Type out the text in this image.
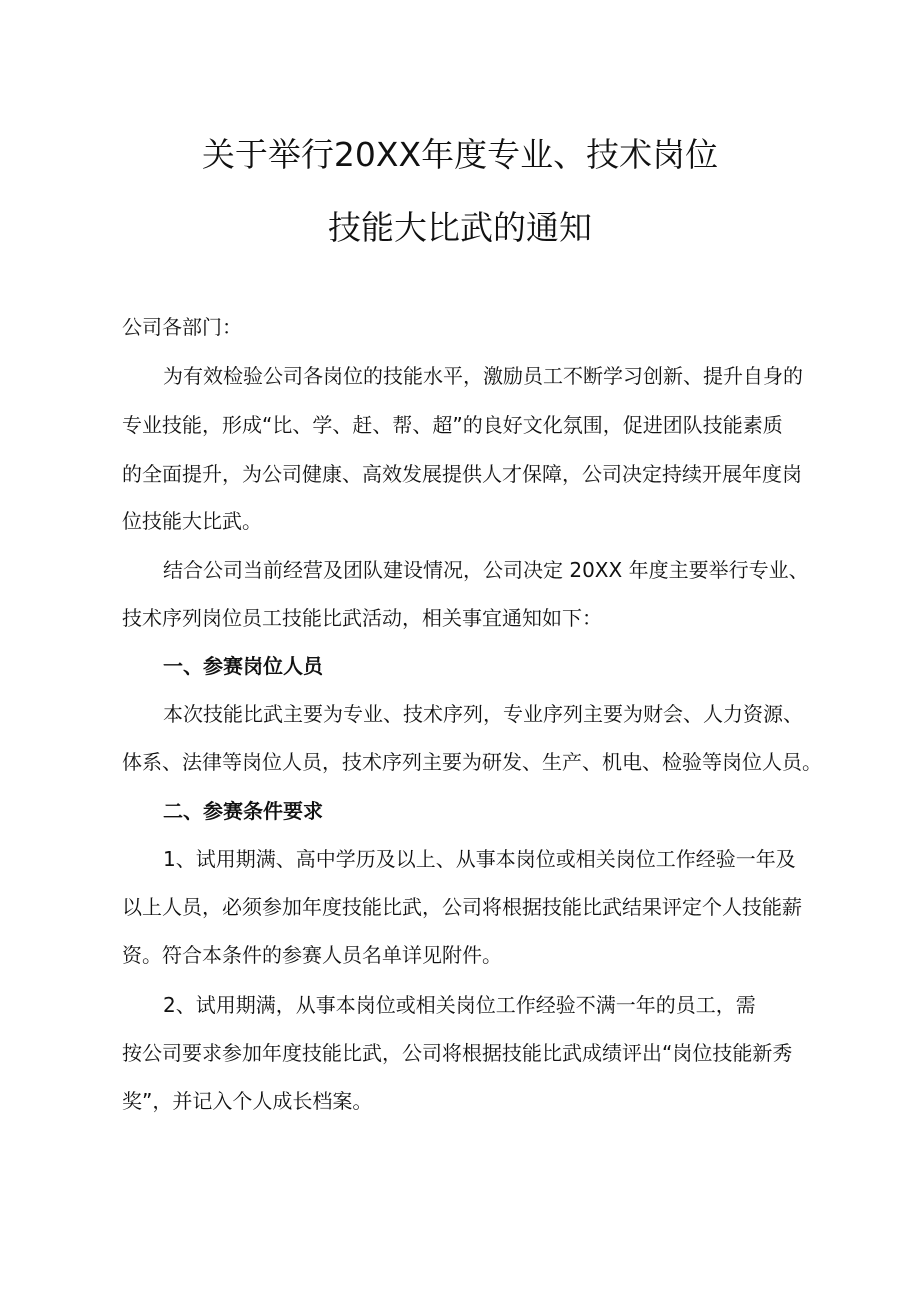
关于举行20XX年度专业、技术岗位
技能大比武的通知
公司各部门：
为有效检验公司各岗位的技能水平，激励员工不断学习创新、提升自身的
专业技能，形成“比、学、赶、帮、超”的良好文化氛围，促进团队技能素质
的全面提升，为公司健康、高效发展提供人才保障，公司决定持续开展年度岗
位技能大比武。
结合公司当前经营及团队建设情况，公司决定 20XX 年度主要举行专业、
技术序列岗位员工技能比武活动，相关事宜通知如下：
一、参赛岗位人员
本次技能比武主要为专业、技术序列，专业序列主要为财会、人力资源、
体系、法律等岗位人员，技术序列主要为研发、生产、机电、检验等岗位人员。
二、参赛条件要求
1、试用期满、高中学历及以上、从事本岗位或相关岗位工作经验一年及
以上人员，必须参加年度技能比武，公司将根据技能比武结果评定个人技能薪
资。符合本条件的参赛人员名单详见附件。
2、试用期满，从事本岗位或相关岗位工作经验不满一年的员工，需
按公司要求参加年度技能比武，公司将根据技能比武成绩评出“岗位技能新秀
奖”，并记入个人成长档案。
